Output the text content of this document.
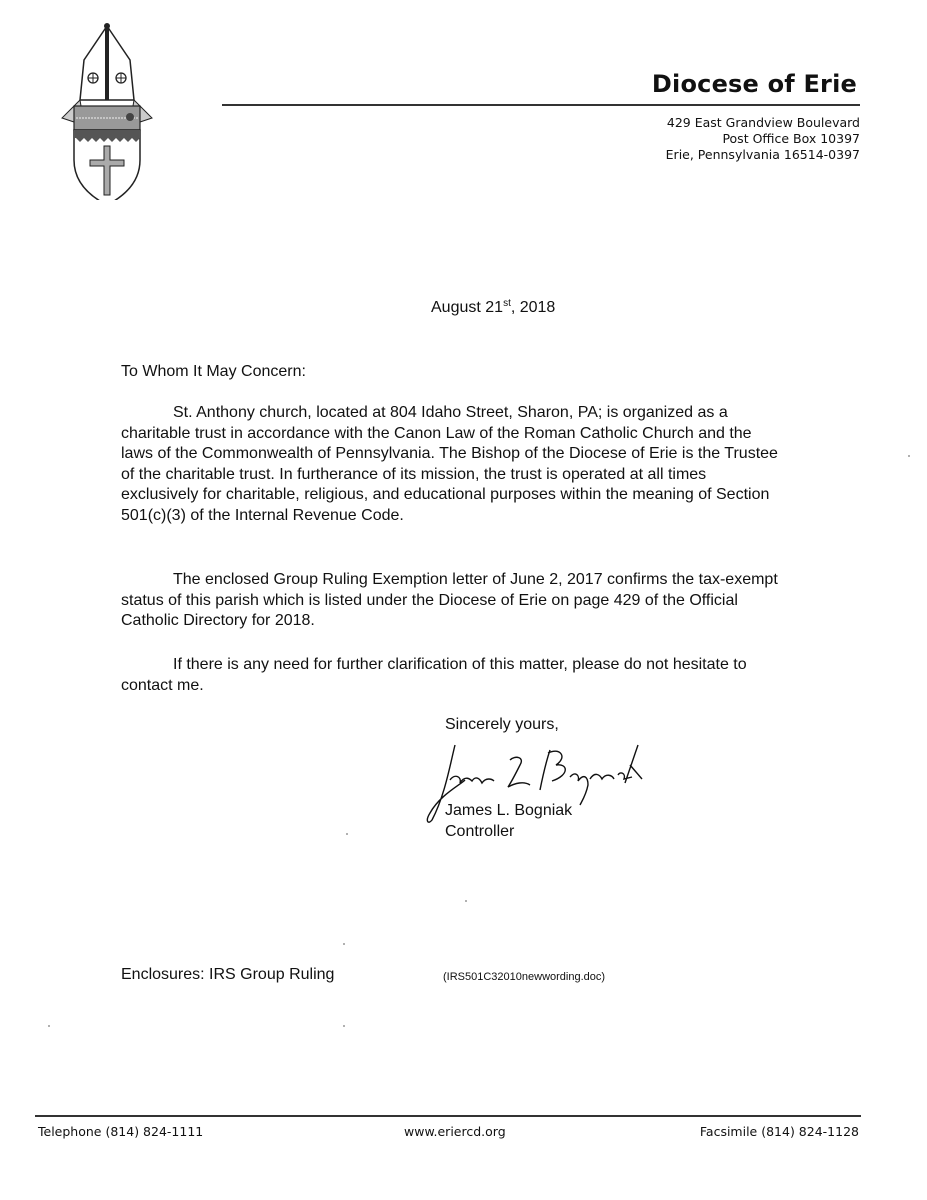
Diocese of Erie
429 East Grandview Boulevard
Post Office Box 10397
Erie, Pennsylvania 16514-0397
August 21st, 2018
To Whom It May Concern:
St. Anthony church, located at 804 Idaho Street, Sharon, PA; is organized as a charitable trust in accordance with the Canon Law of the Roman Catholic Church and the laws of the Commonwealth of Pennsylvania. The Bishop of the Diocese of Erie is the Trustee of the charitable trust. In furtherance of its mission, the trust is operated at all times exclusively for charitable, religious, and educational purposes within the meaning of Section 501(c)(3) of the Internal Revenue Code.
The enclosed Group Ruling Exemption letter of June 2, 2017 confirms the tax-exempt status of this parish which is listed under the Diocese of Erie on page 429 of the Official Catholic Directory for 2018.
If there is any need for further clarification of this matter, please do not hesitate to contact me.
Sincerely yours,
James L. Bogniak
Controller
Enclosures: IRS Group Ruling	(IRS501C32010newwording.doc)
Telephone (814) 824-1111	www.eriercd.org	Facsimile (814) 824-1128
